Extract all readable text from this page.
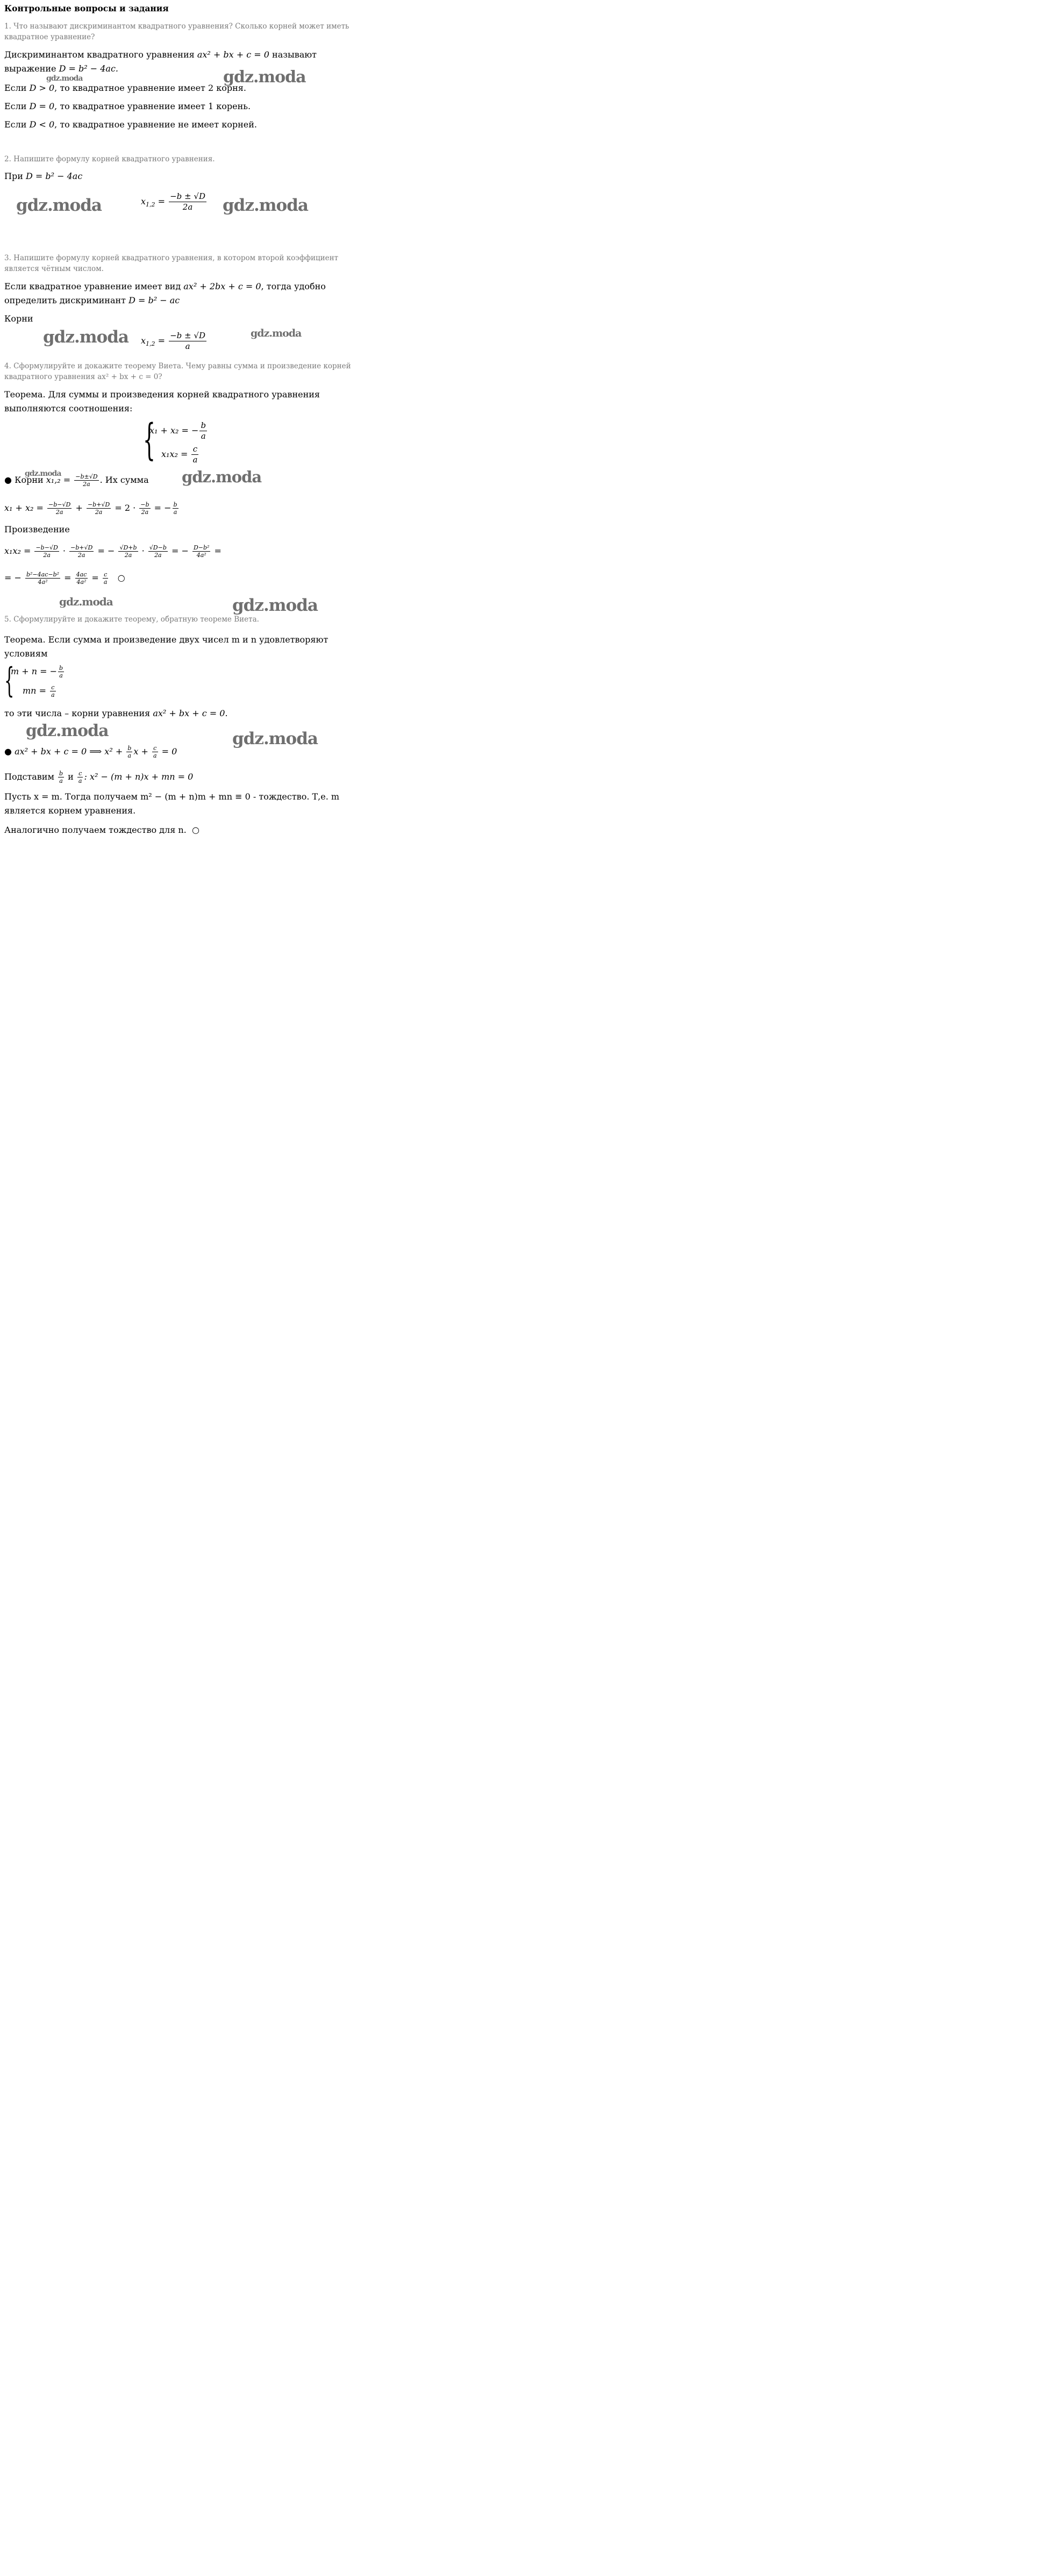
Контрольные вопросы и задания
1. Что называют дискриминантом квадратного уравнения? Сколько корней может иметь
квадратное уравнение?
Дискриминантом квадратного уравнения ax² + bx + c = 0 называют
выражение D = b² − 4ac.
Если D > 0, то квадратное уравнение имеет 2 корня.
Если D = 0, то квадратное уравнение имеет 1 корень.
Если D < 0, то квадратное уравнение не имеет корней.
2. Напишите формулу корней квадратного уравнения.
При D = b² − 4ac
$x_{1,2} = \frac{-b \pm √D}{2a}$
3. Напишите формулу корней квадратного уравнения, в котором второй коэффициент
является чётным числом.
Если квадратное уравнение имеет вид ax² + 2bx + c = 0, тогда удобно
определить дискриминант D = b² − ac
Корни
$x_{1,2} = \frac{-b \pm √D}{a}$
4. Сформулируйте и докажите теорему Виета. Чему равны сумма и произведение корней
квадратного уравнения ax² + bx + c = 0?
Теорема. Для суммы и произведения корней квадратного уравнения
выполняются соотношения:
{
x₁ + x₂ = − $\frac{b}{a}$
$x_1x_2 = \frac{c}{a}$
● Корни $x_1,_2 = \frac{-b\pm√D}{2a}$ . Их сумма
$x_1 + x_2 = \frac{-b-√D}{2a} + \frac{-b+√D}{2a} = 2 \cdot \frac{-b}{2a}$ = − $\frac{b}{a}$
Произведение
$x_1x_2 = \frac{-b-√D}{2a} \cdot \frac{-b+√D}{2a}$ = − $\frac{√D+b}{2a} \cdot \frac{√D-b}{2a}$ = − $\frac{\text{D−b²}}{\text{4a²}}$ =
= − $\frac{\text{b²−4ac−b²}}{\text{4a²}} = \frac{4ac}{\text{4a²}} = \frac{c}{a}$ ○
5. Сформулируйте и докажите теорему, обратную теореме Виета.
Теорема. Если сумма и произведение двух чисел m и n удовлетворяют
условиям
{
m + n = − $\frac{b}{a}$
mn = $\frac{c}{a}$
то эти числа – корни уравнения ax² + bx + c = 0.
● ax² + bx + c = 0 ⟹ $x^2 + \frac{b}{a}$ $x + \frac{c}{a} = 0$
Подставим $\frac{b}{a}$ и $\frac{c}{a}$ : x² − (m + n)x + mn = 0
Пусть x = m. Тогда получаем m² − (m + n)m + mn ≡ 0 - тождество. Т,е. m
является корнем уравнения.
Аналогично получаем тождество для n. ○
gdz.moda
gdz.moda
gdz.moda	gdz.moda
gdz.moda	gdz.moda
gdz.moda
gdz.moda
gdz.moda	gdz.moda
gdz.moda	gdz.moda
